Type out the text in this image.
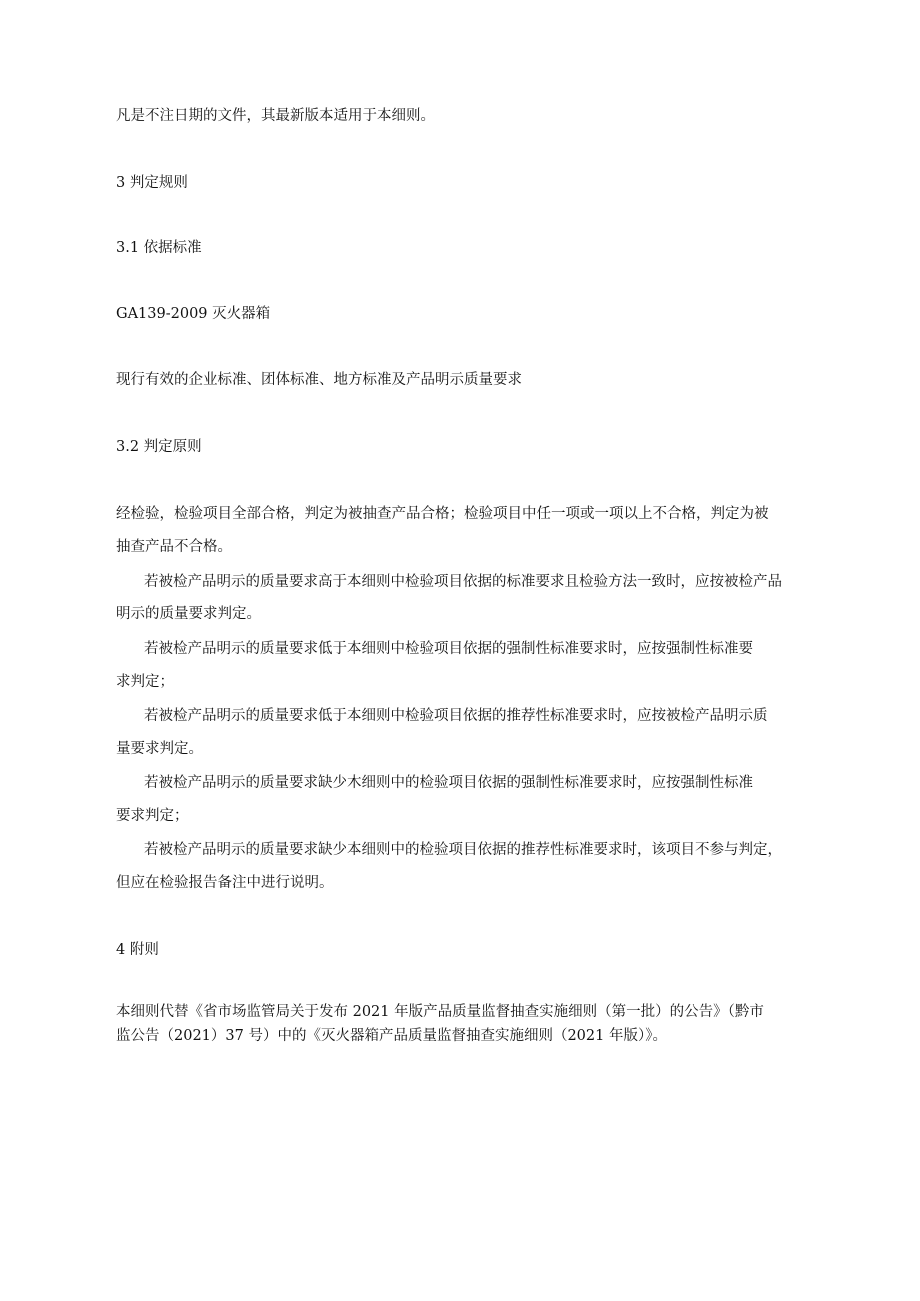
凡是不注日期的文件，其最新版本适用于本细则。
3 判定规则
3.1 依据标准
GA139-2009 灭火器箱
现行有效的企业标准、团体标准、地方标准及产品明示质量要求
3.2 判定原则
经检验，检验项目全部合格，判定为被抽查产品合格；检验项目中任一项或一项以上不合格，判定为被
抽查产品不合格。
若被检产品明示的质量要求高于本细则中检验项目依据的标准要求且检验方法一致时，应按被检产品
明示的质量要求判定。
若被检产品明示的质量要求低于本细则中检验项目依据的强制性标准要求时，应按强制性标准要
求判定；
若被检产品明示的质量要求低于本细则中检验项目依据的推荐性标准要求时，应按被检产品明示质
量要求判定。
若被检产品明示的质量要求缺少木细则中的检验项目依据的强制性标准要求时，应按强制性标准
要求判定；
若被检产品明示的质量要求缺少本细则中的检验项目依据的推荐性标准要求时，该项目不参与判定，
但应在检验报告备注中进行说明。
4 附则
本细则代替《省市场监管局关于发布 2021 年版产品质量监督抽查实施细则（第一批）的公告》（黔市
监公告（2021）37 号）中的《灭火器箱产品质量监督抽查实施细则（2021 年版）》。
